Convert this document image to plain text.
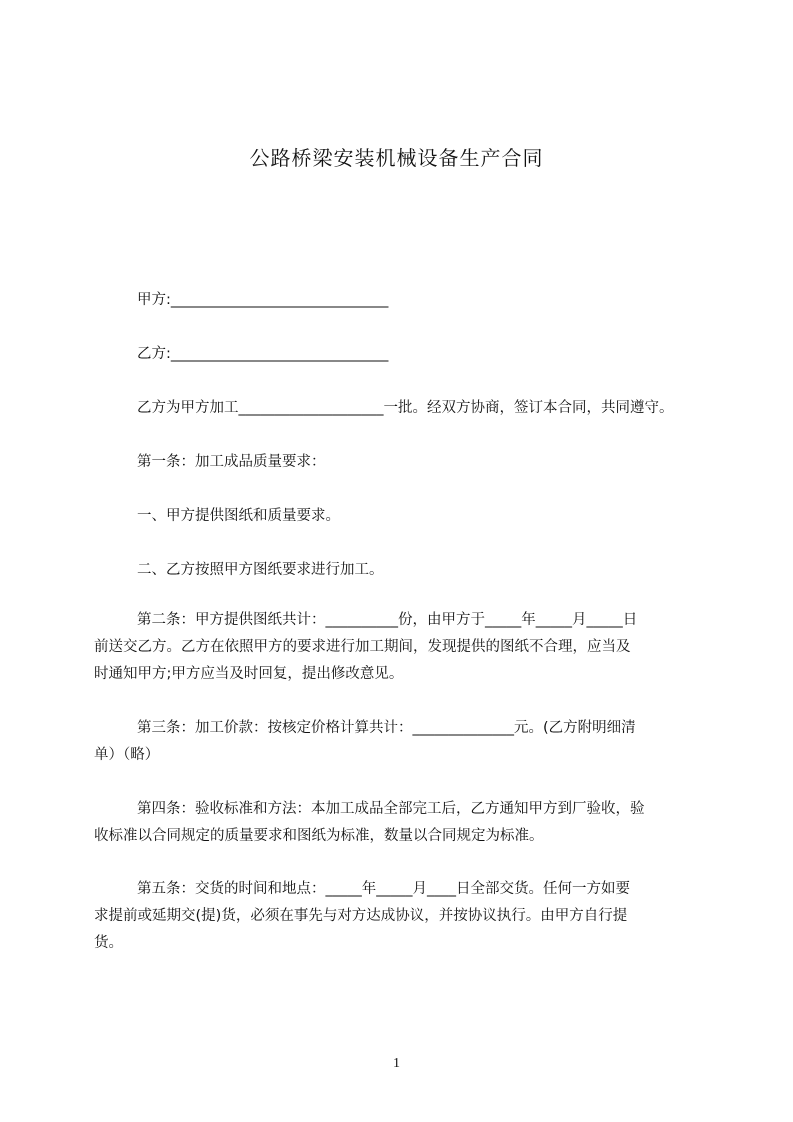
公路桥梁安装机械设备生产合同
甲方:______________________________
乙方:______________________________
乙方为甲方加工____________________一批。经双方协商，签订本合同，共同遵守。
第一条：加工成品质量要求：
一、甲方提供图纸和质量要求。
二、乙方按照甲方图纸要求进行加工。
第二条：甲方提供图纸共计：__________份，由甲方于_____年_____月_____日
前送交乙方。乙方在依照甲方的要求进行加工期间，发现提供的图纸不合理，应当及
时通知甲方;甲方应当及时回复，提出修改意见。
第三条：加工价款：按核定价格计算共计：______________元。(乙方附明细清
单）（略）
第四条：验收标准和方法：本加工成品全部完工后，乙方通知甲方到厂验收，验
收标准以合同规定的质量要求和图纸为标准，数量以合同规定为标准。
第五条：交货的时间和地点：_____年_____月____日全部交货。任何一方如要
求提前或延期交(提)货，必须在事先与对方达成协议，并按协议执行。由甲方自行提
货。
1
